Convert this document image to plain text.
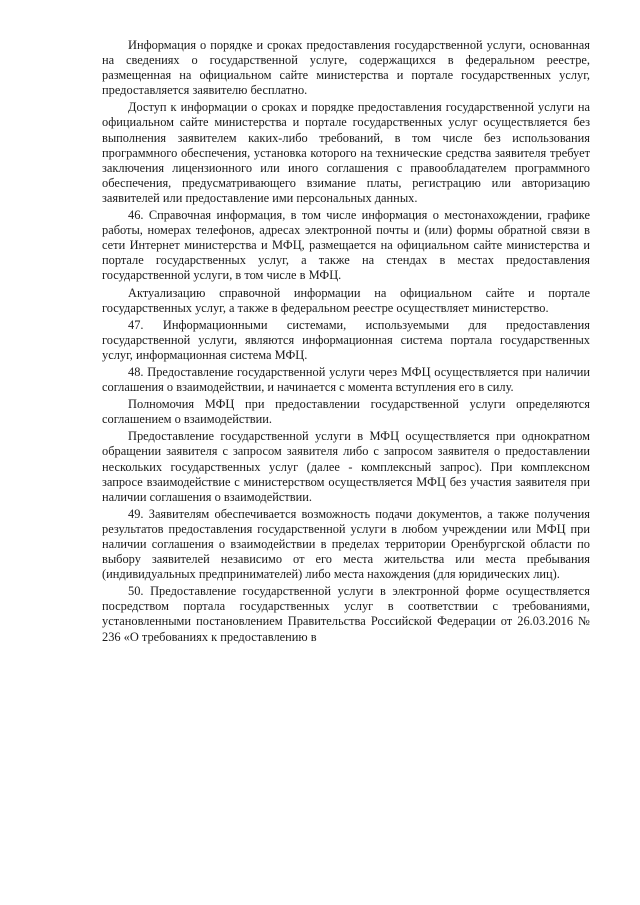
Информация о порядке и сроках предоставления государственной услуги, основанная на сведениях о государственной услуге, содержащихся в федеральном реестре, размещенная на официальном сайте министерства и портале государственных услуг, предоставляется заявителю бесплатно.

Доступ к информации о сроках и порядке предоставления государственной услуги на официальном сайте министерства и портале государственных услуг осуществляется без выполнения заявителем каких-либо требований, в том числе без использования программного обеспечения, установка которого на технические средства заявителя требует заключения лицензионного или иного соглашения с правообладателем программного обеспечения, предусматривающего взимание платы, регистрацию или авторизацию заявителей или предоставление ими персональных данных.

46. Справочная информация, в том числе информация о местонахождении, графике работы, номерах телефонов, адресах электронной почты и (или) формы обратной связи в сети Интернет министерства и МФЦ, размещается на официальном сайте министерства и портале государственных услуг, а также на стендах в местах предоставления государственной услуги, в том числе в МФЦ.

Актуализацию справочной информации на официальном сайте и портале государственных услуг, а также в федеральном реестре осуществляет министерство.

47. Информационными системами, используемыми для предоставления государственной услуги, являются информационная система портала государственных услуг, информационная система МФЦ.

48. Предоставление государственной услуги через МФЦ осуществляется при наличии соглашения о взаимодействии, и начинается с момента вступления его в силу.

Полномочия МФЦ при предоставлении государственной услуги определяются соглашением о взаимодействии.

Предоставление государственной услуги в МФЦ осуществляется при однократном обращении заявителя с запросом заявителя либо с запросом заявителя о предоставлении нескольких государственных услуг (далее - комплексный запрос). При комплексном запросе взаимодействие с министерством осуществляется МФЦ без участия заявителя при наличии соглашения о взаимодействии.

49. Заявителям обеспечивается возможность подачи документов, а также получения результатов предоставления государственной услуги в любом учреждении или МФЦ при наличии соглашения о взаимодействии в пределах территории Оренбургской области по выбору заявителей независимо от его места жительства или места пребывания (индивидуальных предпринимателей) либо места нахождения (для юридических лиц).

50. Предоставление государственной услуги в электронной форме осуществляется посредством портала государственных услуг в соответствии с требованиями, установленными постановлением Правительства Российской Федерации от 26.03.2016 № 236 «О требованиях к предоставлению в
